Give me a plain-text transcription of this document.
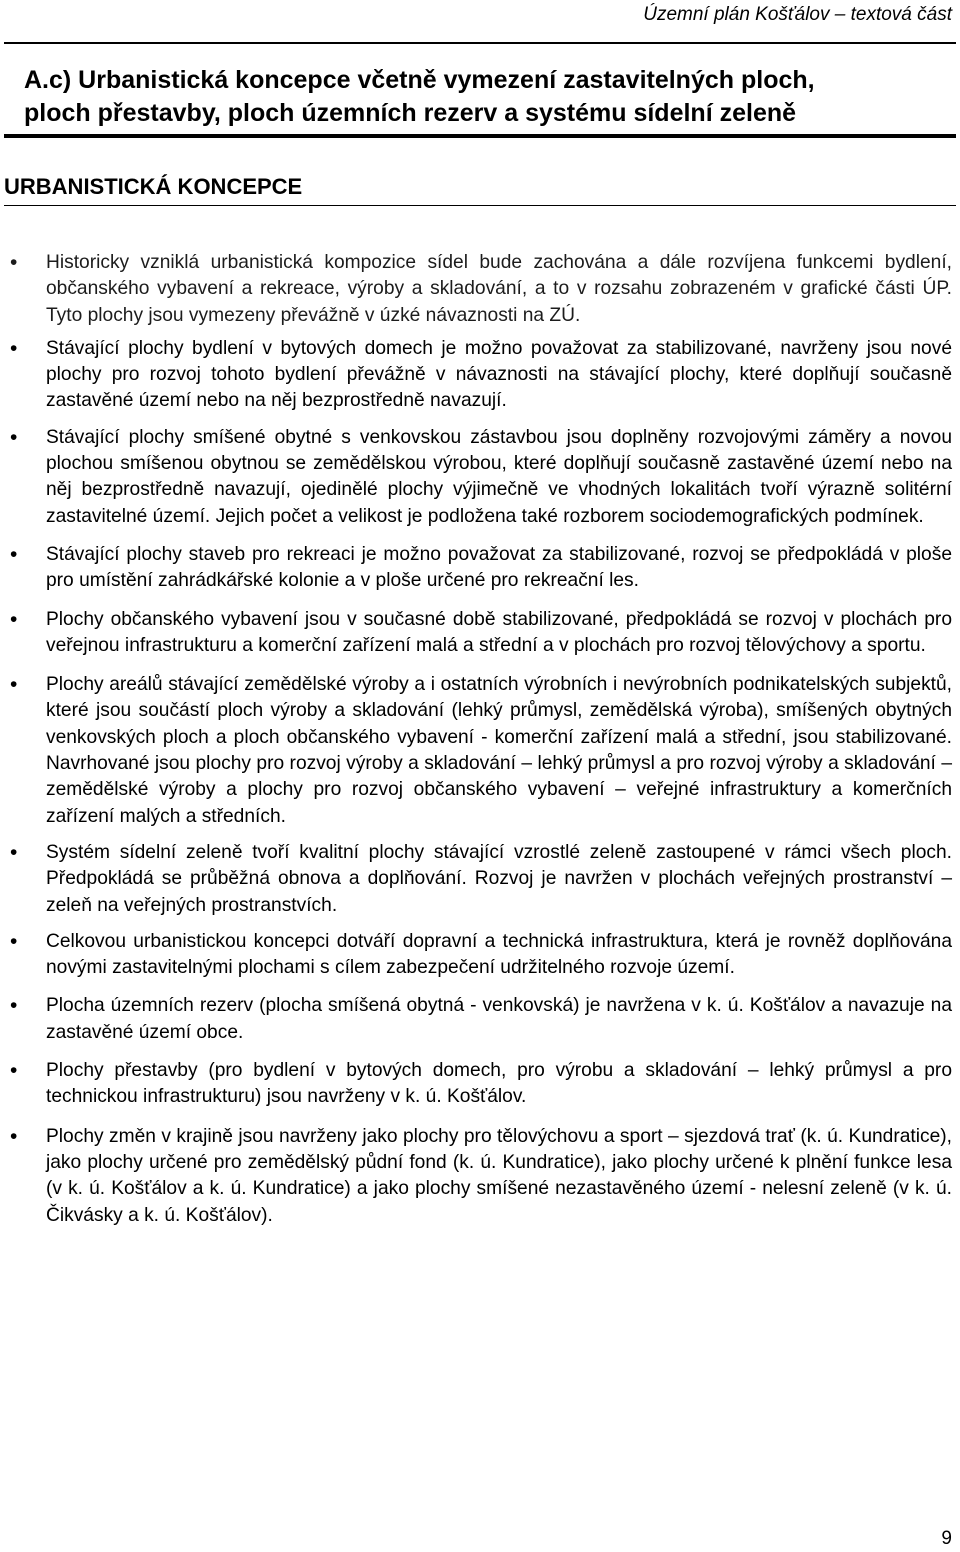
Územní plán Košťálov – textová část
A.c) Urbanistická koncepce včetně vymezení zastavitelných ploch,
ploch přestavby, ploch územních rezerv a systému sídelní zeleně
URBANISTICKÁ KONCEPCE
• Historicky vzniklá urbanistická kompozice sídel bude zachována a dále rozvíjena funkcemi bydlení, občanského vybavení a rekreace, výroby a skladování, a to v rozsahu zobrazeném v grafické části ÚP. Tyto plochy jsou vymezeny převážně v úzké návaznosti na ZÚ.
• Stávající plochy bydlení v bytových domech je možno považovat za stabilizované, navrženy jsou nové plochy pro rozvoj tohoto bydlení převážně v návaznosti na stávající plochy, které doplňují současně zastavěné území nebo na něj bezprostředně navazují.
• Stávající plochy smíšené obytné s venkovskou zástavbou jsou doplněny rozvojovými záměry a novou plochou smíšenou obytnou se zemědělskou výrobou, které doplňují současně zastavěné území nebo na něj bezprostředně navazují, ojedinělé plochy výjimečně ve vhodných lokalitách tvoří výrazně solitérní zastavitelné území. Jejich počet a velikost je podložena také rozborem sociodemografických podmínek.
• Stávající plochy staveb pro rekreaci je možno považovat za stabilizované, rozvoj se předpokládá v ploše pro umístění zahrádkářské kolonie a v ploše určené pro rekreační les.
• Plochy občanského vybavení jsou v současné době stabilizované, předpokládá se rozvoj v plochách pro veřejnou infrastrukturu a komerční zařízení malá a střední a v plochách pro rozvoj tělovýchovy a sportu.
• Plochy areálů stávající zemědělské výroby a i ostatních výrobních i nevýrobních podnikatelských subjektů, které jsou součástí ploch výroby a skladování (lehký průmysl, zemědělská výroba), smíšených obytných venkovských ploch a ploch občanského vybavení - komerční zařízení malá a střední, jsou stabilizované. Navrhované jsou plochy pro rozvoj výroby a skladování – lehký průmysl a pro rozvoj výroby a skladování – zemědělské výroby a plochy pro rozvoj občanského vybavení – veřejné infrastruktury a komerčních zařízení malých a středních.
• Systém sídelní zeleně tvoří kvalitní plochy stávající vzrostlé zeleně zastoupené v rámci všech ploch. Předpokládá se průběžná obnova a doplňování. Rozvoj je navržen v plochách veřejných prostranství – zeleň na veřejných prostranstvích.
• Celkovou urbanistickou koncepci dotváří dopravní a technická infrastruktura, která je rovněž doplňována novými zastavitelnými plochami s cílem zabezpečení udržitelného rozvoje území.
• Plocha územních rezerv (plocha smíšená obytná - venkovská) je navržena v k. ú. Košťálov a navazuje na zastavěné území obce.
• Plochy přestavby (pro bydlení v bytových domech, pro výrobu a skladování – lehký průmysl a pro technickou infrastrukturu) jsou navrženy v k. ú. Košťálov.
• Plochy změn v krajině jsou navrženy jako plochy pro tělovýchovu a sport – sjezdová trať (k. ú. Kundratice), jako plochy určené pro zemědělský půdní fond (k. ú. Kundratice), jako plochy určené k plnění funkce lesa (v k. ú. Košťálov a k. ú. Kundratice) a jako plochy smíšené nezastavěného území - nelesní zeleně (v k. ú. Čikvásky a k. ú. Košťálov).
9
